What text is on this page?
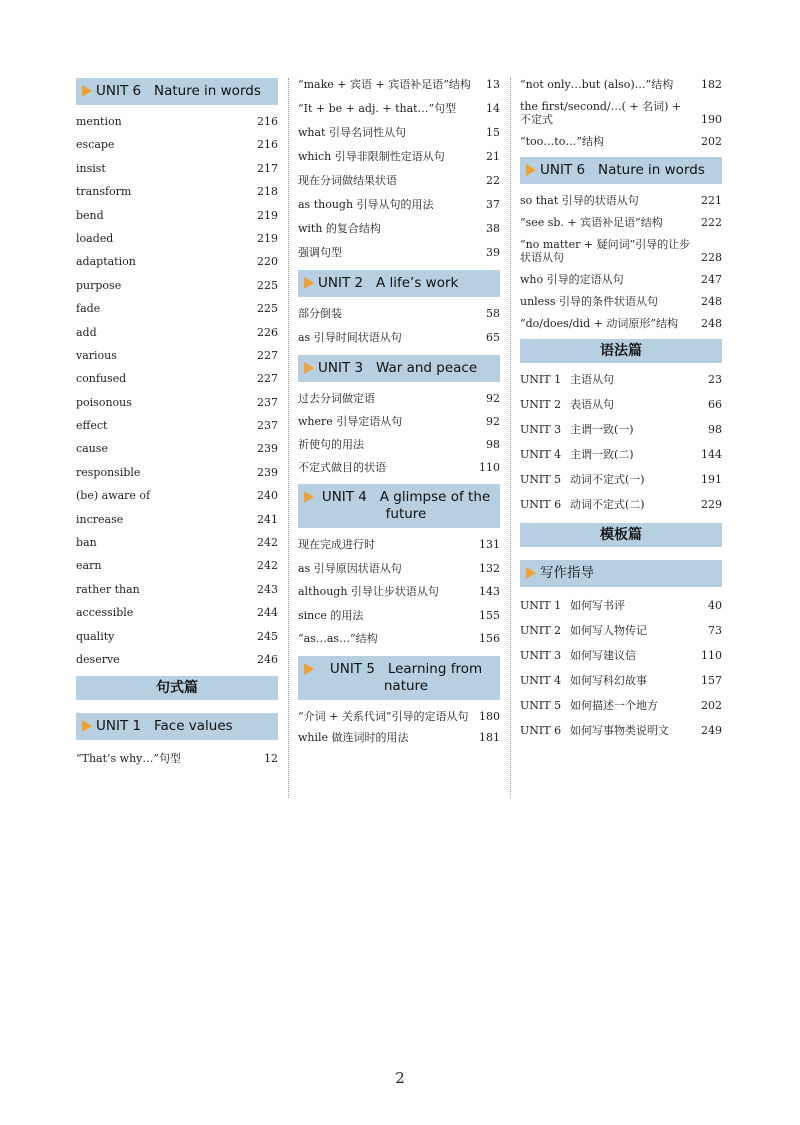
UNIT 6 Nature in words
mention	216
escape	216
insist	217
transform	218
bend	219
loaded	219
adaptation	220
purpose	225
fade	225
add	226
various	227
confused	227
poisonous	237
effect	237
cause	239
responsible	239
(be) aware of	240
increase	241
ban	242
earn	242
rather than	243
accessible	244
quality	245
deserve	246
句式篇
UNIT 1 Face values
“That’s why…”句型	12
“make + 宾语 + 宾语补足语”结构	13
“It + be + adj. + that…”句型	14
what 引导名词性从句	15
which 引导非限制性定语从句	21
现在分词做结果状语	22
as though 引导从句的用法	37
with 的复合结构	38
强调句型	39
UNIT 2 A life’s work
部分倒装	58
as 引导时间状语从句	65
UNIT 3 War and peace
过去分词做定语	92
where 引导定语从句	92
祈使句的用法	98
不定式做目的状语	110
UNIT 4 A glimpse of the future
现在完成进行时	131
as 引导原因状语从句	132
although 引导让步状语从句	143
since 的用法	155
“as…as…”结构	156
UNIT 5 Learning from nature
“介词 + 关系代词”引导的定语从句 180
while 做连词时的用法	181
“not only…but (also)…”结构	182
the first/second/…( + 名词) + 不定式	190
“too…to…”结构	202
UNIT 6 Nature in words
so that 引导的状语从句	221
“see sb. + 宾语补足语”结构	222
“no matter + 疑问词”引导的让步状语从句	228
who 引导的定语从句	247
unless 引导的条件状语从句	248
“do/does/did + 动词原形”结构	248
语法篇
UNIT 1 主语从句	23
UNIT 2 表语从句	66
UNIT 3 主谓一致(一)	98
UNIT 4 主谓一致(二)	144
UNIT 5 动词不定式(一)	191
UNIT 6 动词不定式(二)	229
模板篇
写作指导
UNIT 1 如何写书评	40
UNIT 2 如何写人物传记	73
UNIT 3 如何写建议信	110
UNIT 4 如何写科幻故事	157
UNIT 5 如何描述一个地方	202
UNIT 6 如何写事物类说明文	249
2
